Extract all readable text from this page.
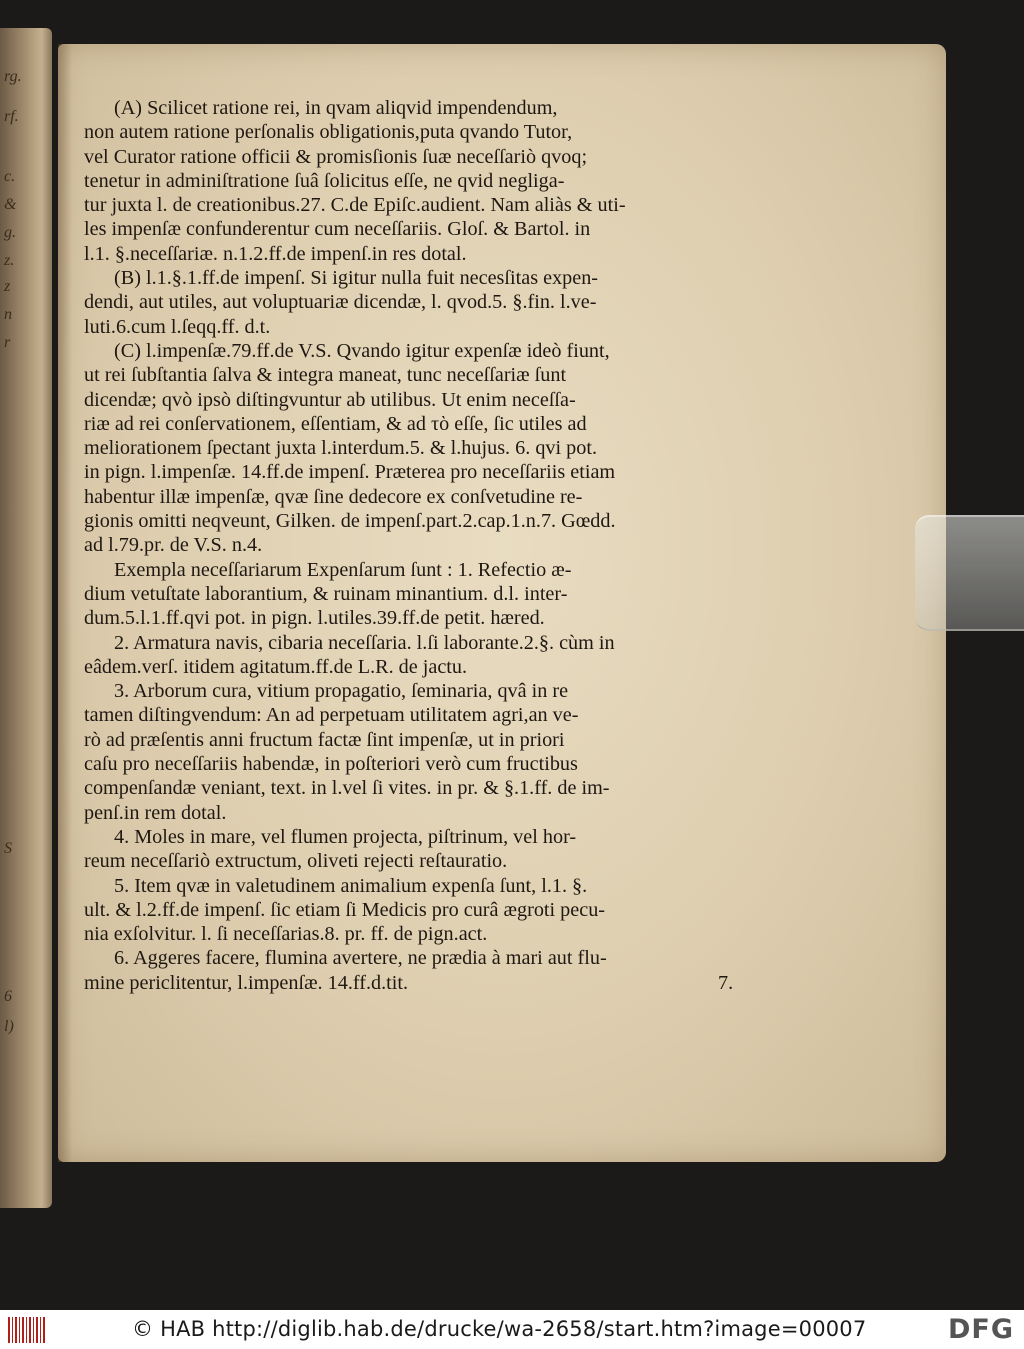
rg.
rf.
c.
&
g.
z.
z
n
r
S
6
l)
(A) Scilicet ratione rei, in qvam aliqvid impendendum,
non autem ratione perſonalis obligationis,puta qvando Tutor,
vel Curator ratione officii & promisſionis ſuæ neceſſariò qvoq;
tenetur in adminiſtratione ſuâ ſolicitus eſſe, ne qvid negliga-
tur juxta l. de creationibus.27. C.de Epiſc.audient. Nam aliàs & uti-
les impenſæ confunderentur cum neceſſariis. Gloſ. & Bartol. in
l.1. §.neceſſariæ. n.1.2.ff.de impenſ.in res dotal.
(B) l.1.§.1.ff.de impenſ. Si igitur nulla fuit necesſitas expen-
dendi, aut utiles, aut voluptuariæ dicendæ, l. qvod.5. §.fin. l.ve-
luti.6.cum l.ſeqq.ff. d.t.
(C) l.impenſæ.79.ff.de V.S. Qvando igitur expenſæ ideò fiunt,
ut rei ſubſtantia ſalva & integra maneat, tunc neceſſariæ ſunt
dicendæ; qvò ipsò diſtingvuntur ab utilibus. Ut enim neceſſa-
riæ ad rei conſervationem, eſſentiam, & ad τὸ eſſe, ſic utiles ad
meliorationem ſpectant juxta l.interdum.5. & l.hujus. 6. qvi pot.
in pign. l.impenſæ. 14.ff.de impenſ. Præterea pro neceſſariis etiam
habentur illæ impenſæ, qvæ ſine dedecore ex conſvetudine re-
gionis omitti neqveunt, Gilken. de impenſ.part.2.cap.1.n.7. Gœdd.
ad l.79.pr. de V.S. n.4.
Exempla neceſſariarum Expenſarum ſunt : 1. Refectio æ-
dium vetuſtate laborantium, & ruinam minantium. d.l. inter-
dum.5.l.1.ff.qvi pot. in pign. l.utiles.39.ff.de petit. hæred.
2. Armatura navis, cibaria neceſſaria. l.ſi laborante.2.§. cùm in
eâdem.verſ. itidem agitatum.ff.de L.R. de jactu.
3. Arborum cura, vitium propagatio, ſeminaria, qvâ in re
tamen diſtingvendum: An ad perpetuam utilitatem agri,an ve-
rò ad præſentis anni fructum factæ ſint impenſæ, ut in priori
caſu pro neceſſariis habendæ, in poſteriori verò cum fructibus
compenſandæ veniant, text. in l.vel ſi vites. in pr. & §.1.ff. de im-
penſ.in rem dotal.
4. Moles in mare, vel flumen projecta, piſtrinum, vel hor-
reum neceſſariò extructum, oliveti rejecti reſtauratio.
5. Item qvæ in valetudinem animalium expenſa ſunt, l.1. §.
ult. & l.2.ff.de impenſ. ſic etiam ſi Medicis pro curâ ægroti pecu-
nia exſolvitur. l. ſi neceſſarias.8. pr. ff. de pign.act.
6. Aggeres facere, flumina avertere, ne prædia à mari aut flu-
mine periclitentur, l.impenſæ. 14.ff.d.tit.	7.
© HAB http://diglib.hab.de/drucke/wa-2658/start.htm?image=00007	DFG
